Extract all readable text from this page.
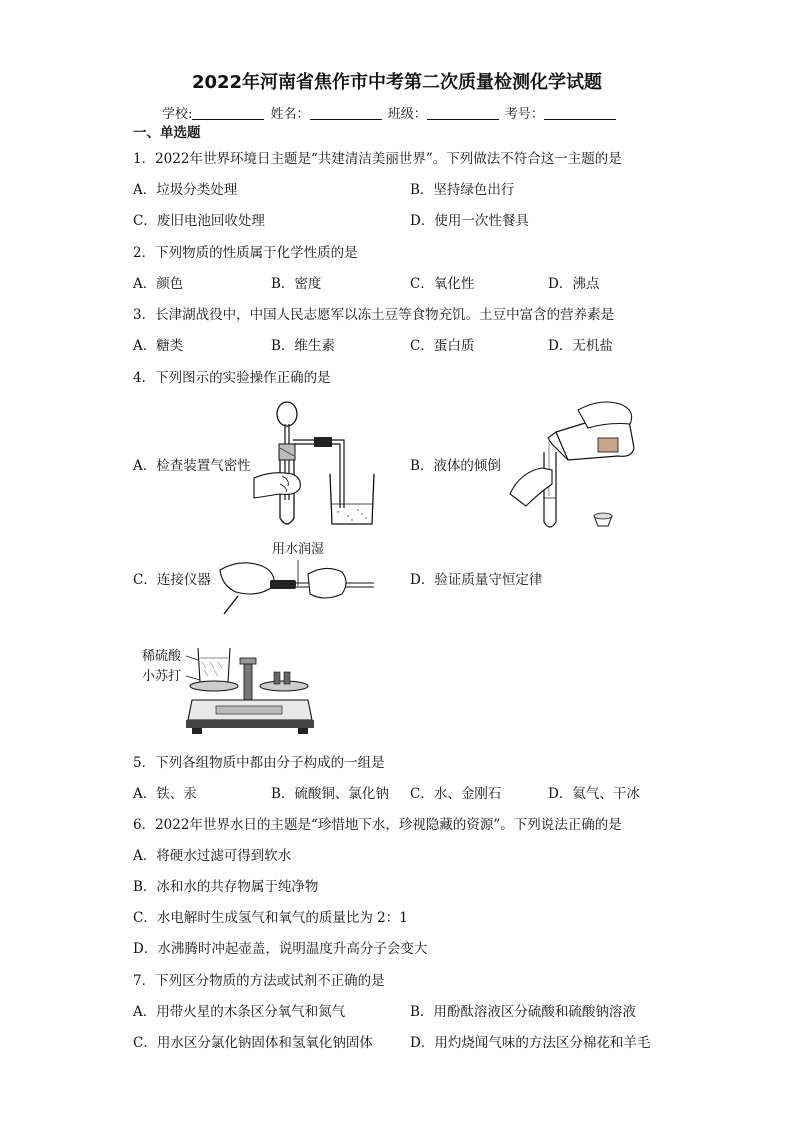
2022年河南省焦作市中考第二次质量检测化学试题
学校:	姓名：	班级：	考号：
一、单选题
1．2022年世界环境日主题是“共建清洁美丽世界”。下列做法不符合这一主题的是
A．垃圾分类处理	B．坚持绿色出行
C．废旧电池回收处理	D．使用一次性餐具
2．下列物质的性质属于化学性质的是
A．颜色	B．密度	C．氧化性	D．沸点
3．长津湖战役中，中国人民志愿军以冻土豆等食物充饥。土豆中富含的营养素是
A．糖类	B．维生素	C．蛋白质	D．无机盐
4．下列图示的实验操作正确的是
A．检查装置气密性	B．液体的倾倒
C．连接仪器	D．验证质量守恒定律
用水润湿
稀硫酸
小苏打
5．下列各组物质中都由分子构成的一组是
A．铁、汞	B．硫酸铜、氯化钠 C．水、金刚石	D．氦气、干冰
6．2022年世界水日的主题是“珍惜地下水，珍视隐藏的资源”。下列说法正确的是
A．将硬水过滤可得到软水
B．冰和水的共存物属于纯净物
C．水电解时生成氢气和氧气的质量比为 2：1
D．水沸腾时冲起壶盖，说明温度升高分子会变大
7．下列区分物质的方法或试剂不正确的是
A．用带火星的木条区分氧气和氮气	B．用酚酞溶液区分硫酸和硫酸钠溶液
C．用水区分氯化钠固体和氢氧化钠固体	D．用灼烧闻气味的方法区分棉花和羊毛
